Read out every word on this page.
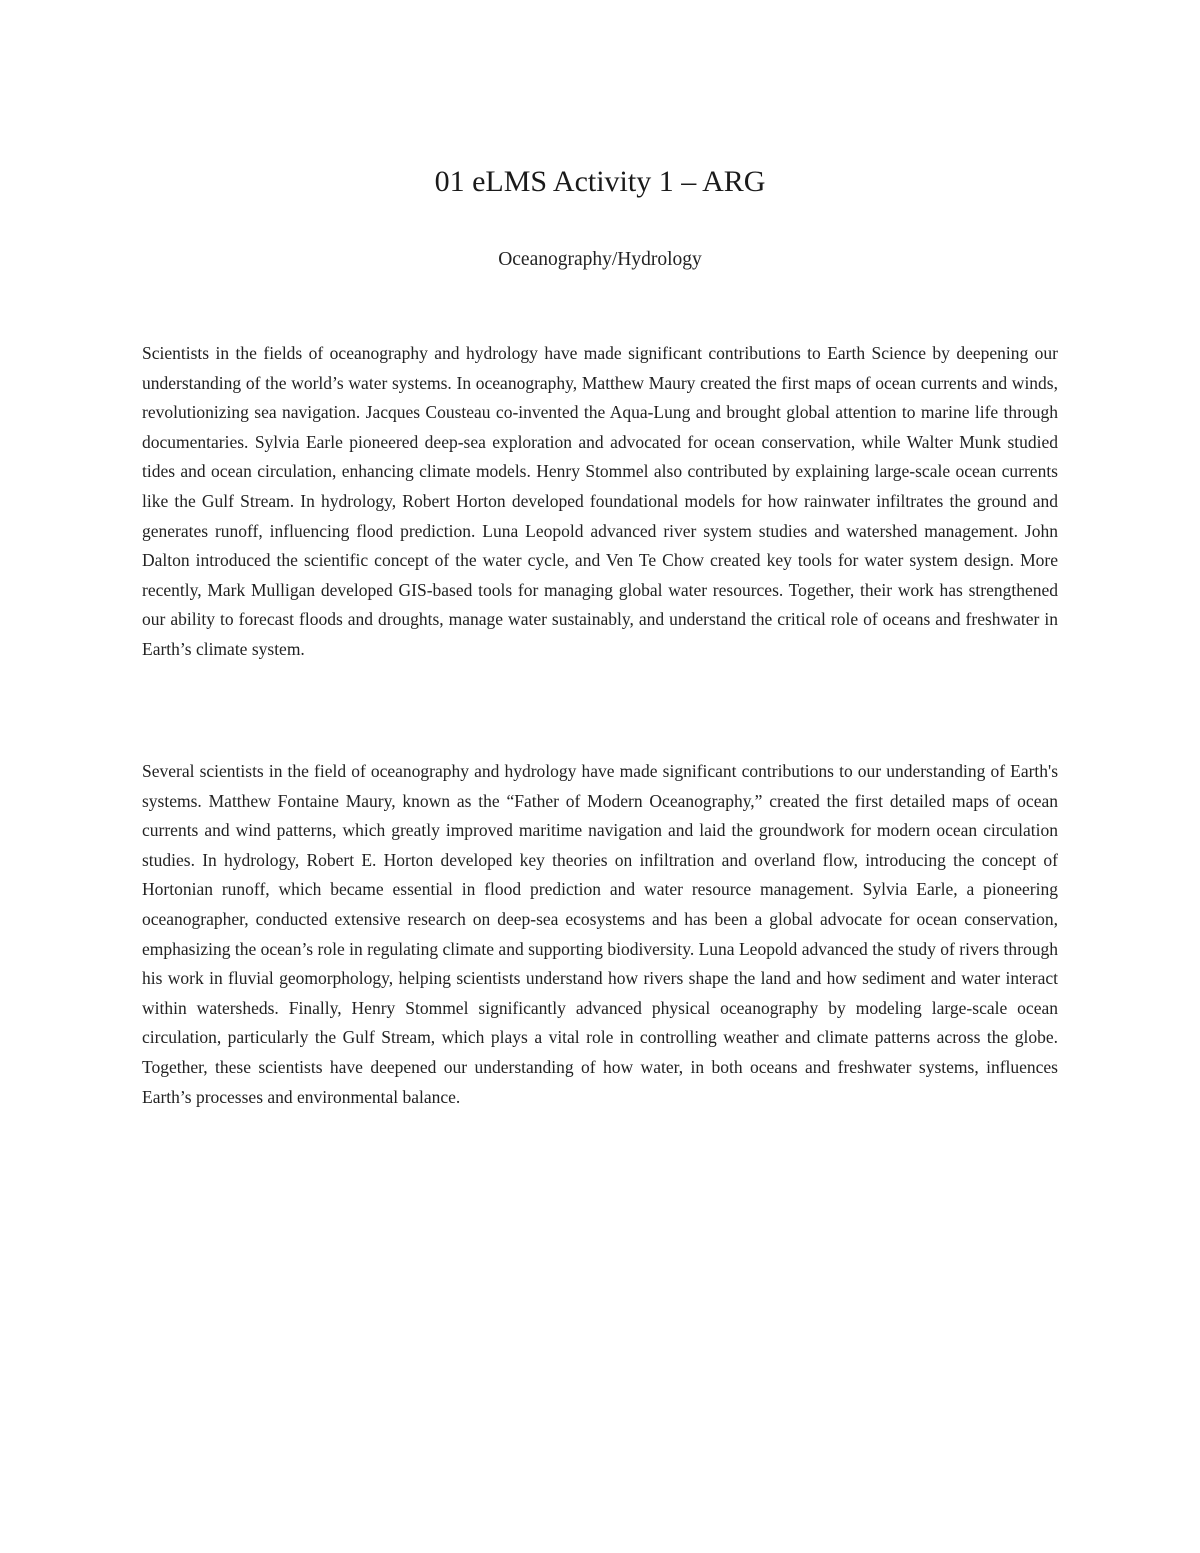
01 eLMS Activity 1 – ARG

Oceanography/Hydrology

Scientists in the fields of oceanography and hydrology have made significant contributions to Earth Science by deepening our understanding of the world’s water systems. In oceanography, Matthew Maury created the first maps of ocean currents and winds, revolutionizing sea navigation. Jacques Cousteau co-invented the Aqua-Lung and brought global attention to marine life through documentaries. Sylvia Earle pioneered deep-sea exploration and advocated for ocean conservation, while Walter Munk studied tides and ocean circulation, enhancing climate models. Henry Stommel also contributed by explaining large-scale ocean currents like the Gulf Stream. In hydrology, Robert Horton developed foundational models for how rainwater infiltrates the ground and generates runoff, influencing flood prediction. Luna Leopold advanced river system studies and watershed management. John Dalton introduced the scientific concept of the water cycle, and Ven Te Chow created key tools for water system design. More recently, Mark Mulligan developed GIS-based tools for managing global water resources. Together, their work has strengthened our ability to forecast floods and droughts, manage water sustainably, and understand the critical role of oceans and freshwater in Earth’s climate system.

Several scientists in the field of oceanography and hydrology have made significant contributions to our understanding of Earth's systems. Matthew Fontaine Maury, known as the “Father of Modern Oceanography,” created the first detailed maps of ocean currents and wind patterns, which greatly improved maritime navigation and laid the groundwork for modern ocean circulation studies. In hydrology, Robert E. Horton developed key theories on infiltration and overland flow, introducing the concept of Hortonian runoff, which became essential in flood prediction and water resource management. Sylvia Earle, a pioneering oceanographer, conducted extensive research on deep-sea ecosystems and has been a global advocate for ocean conservation, emphasizing the ocean’s role in regulating climate and supporting biodiversity. Luna Leopold advanced the study of rivers through his work in fluvial geomorphology, helping scientists understand how rivers shape the land and how sediment and water interact within watersheds. Finally, Henry Stommel significantly advanced physical oceanography by modeling large-scale ocean circulation, particularly the Gulf Stream, which plays a vital role in controlling weather and climate patterns across the globe. Together, these scientists have deepened our understanding of how water, in both oceans and freshwater systems, influences Earth’s processes and environmental balance.
